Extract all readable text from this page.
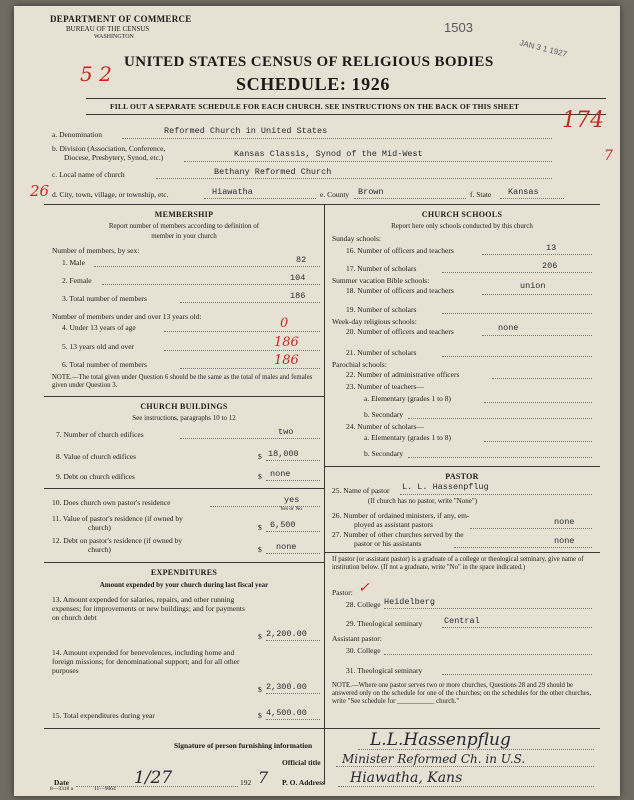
DEPARTMENT OF COMMERCE
BUREAU OF THE CENSUS
WASHINGTON
1503
JAN 3 1 1927
5 2 UNITED STATES CENSUS OF RELIGIOUS BODIES
SCHEDULE: 1926
FILL OUT A SEPARATE SCHEDULE FOR EACH CHURCH. SEE INSTRUCTIONS ON THE BACK OF THIS SHEET
174
7
a. Denomination	Reformed Church in United States
b. Division (Association, Conference,
Diocese, Presbytery, Synod, etc.)	Kansas Classis, Synod of the Mid-West
c. Local name of church	Bethany Reformed Church
26 d. City, town, village, or township, etc.	Hiawatha	e. County Brown	f. State Kansas
MEMBERSHIP
Report number of members according to definition of
member in your church
Number of members, by sex:
1. Male	82
2. Female	104
3. Total number of members	186
Number of members under and over 13 years old:
4. Under 13 years of age	0
5. 13 years old and over	186
6. Total number of members	186
NOTE.—The total given under Question 6 should be the same as the total of males and females given under Question 3.
CHURCH BUILDINGS
See instructions, paragraphs 10 to 12
7. Number of church edifices	two
8. Value of church edifices	$ 18,000
9. Debt on church edifices	$ none
10. Does church own pastor's residence	yes
Yes or No
11. Value of pastor's residence (if owned by
church)	$ 6,500
12. Debt on pastor's residence (if owned by
church)	$ none
EXPENDITURES
Amount expended by your church during last fiscal year
13. Amount expended for salaries, repairs, and other running expenses; for improvements or new buildings; and for payments on church debt
$ 2,200.00
14. Amount expended for benevolences, including home and foreign missions; for denominational support; and for all other purposes
$ 2,300.00
15. Total expenditures during year	$ 4,500.00
CHURCH SCHOOLS
Report here only schools conducted by this church
Sunday schools:
16. Number of officers and teachers	13
17. Number of scholars	206
Summer vacation Bible schools:
18. Number of officers and teachers	union
19. Number of scholars
Week-day religious schools:
20. Number of officers and teachers	none
21. Number of scholars
Parochial schools:
22. Number of administrative officers
23. Number of teachers—
a. Elementary (grades 1 to 8)
b. Secondary
24. Number of scholars—
a. Elementary (grades 1 to 8)
b. Secondary
PASTOR
25. Name of pastor L. L. Hassenpflug
(If church has no pastor, write "None")
26. Number of ordained ministers, if any, em-
ployed as assistant pastors	none
27. Number of other churches served by the
pastor or his assistants	none
If pastor (or assistant pastor) is a graduate of a college or theological seminary, give name of institution below. (If not a graduate, write "No" in the space indicated.)
Pastor: ✓
28. College Heidelberg
29. Theological seminary	Central
Assistant pastor:
30. College
31. Theological seminary
NOTE.—Where one pastor serves two or more churches, Questions 28 and 29 should be answered only on the schedule for one of the churches; on the schedules for the other churches, write "See schedule for ___________ church."
Signature of person furnishing information	L.L.Hassenpflug
Official title Minister Reformed Ch. in U.S.
Date	1/27	192 7 P. O. Address Hiawatha, Kans
8—3318 a	11—9064
